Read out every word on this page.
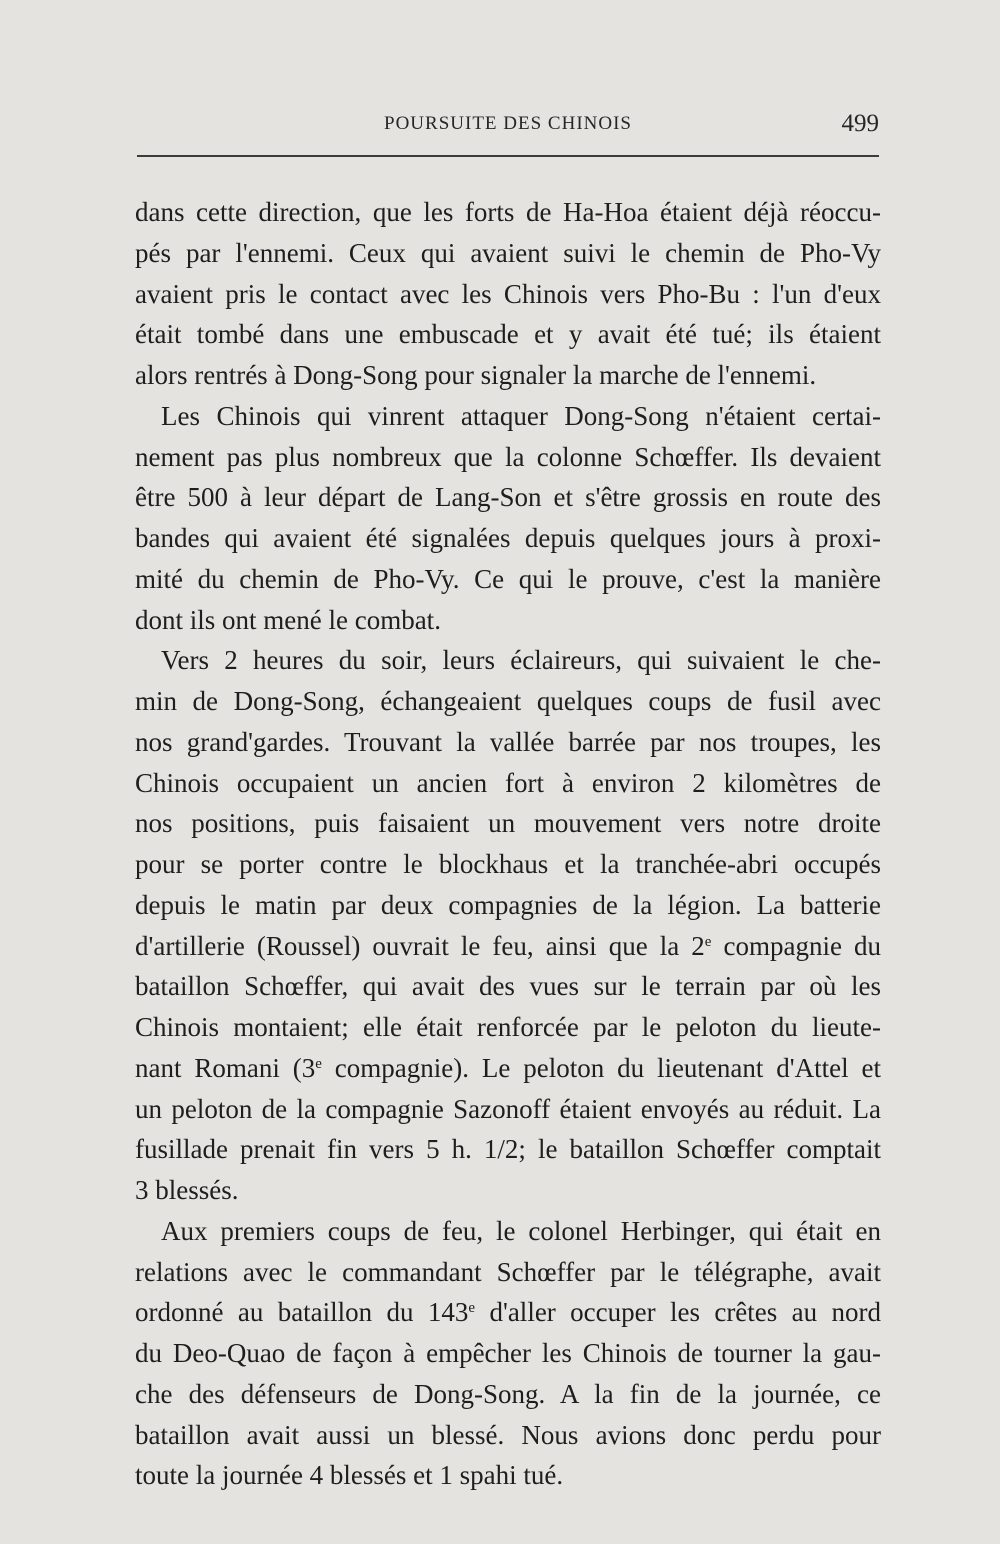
POURSUITE DES CHINOIS	499
dans cette direction, que les forts de Ha-Hoa étaient déjà réoccu-
pés par l'ennemi. Ceux qui avaient suivi le chemin de Pho-Vy
avaient pris le contact avec les Chinois vers Pho-Bu : l'un d'eux
était tombé dans une embuscade et y avait été tué; ils étaient
alors rentrés à Dong-Song pour signaler la marche de l'ennemi.
Les Chinois qui vinrent attaquer Dong-Song n'étaient certai-
nement pas plus nombreux que la colonne Schœffer. Ils devaient
être 500 à leur départ de Lang-Son et s'être grossis en route des
bandes qui avaient été signalées depuis quelques jours à proxi-
mité du chemin de Pho-Vy. Ce qui le prouve, c'est la manière
dont ils ont mené le combat.
Vers 2 heures du soir, leurs éclaireurs, qui suivaient le che-
min de Dong-Song, échangeaient quelques coups de fusil avec
nos grand'gardes. Trouvant la vallée barrée par nos troupes, les
Chinois occupaient un ancien fort à environ 2 kilomètres de
nos positions, puis faisaient un mouvement vers notre droite
pour se porter contre le blockhaus et la tranchée-abri occupés
depuis le matin par deux compagnies de la légion. La batterie
d'artillerie (Roussel) ouvrait le feu, ainsi que la 2e compagnie du
bataillon Schœffer, qui avait des vues sur le terrain par où les
Chinois montaient; elle était renforcée par le peloton du lieute-
nant Romani (3e compagnie). Le peloton du lieutenant d'Attel et
un peloton de la compagnie Sazonoff étaient envoyés au réduit. La
fusillade prenait fin vers 5 h. 1/2; le bataillon Schœffer comptait
3 blessés.
Aux premiers coups de feu, le colonel Herbinger, qui était en
relations avec le commandant Schœffer par le télégraphe, avait
ordonné au bataillon du 143e d'aller occuper les crêtes au nord
du Deo-Quao de façon à empêcher les Chinois de tourner la gau-
che des défenseurs de Dong-Song. A la fin de la journée, ce
bataillon avait aussi un blessé. Nous avions donc perdu pour
toute la journée 4 blessés et 1 spahi tué.
